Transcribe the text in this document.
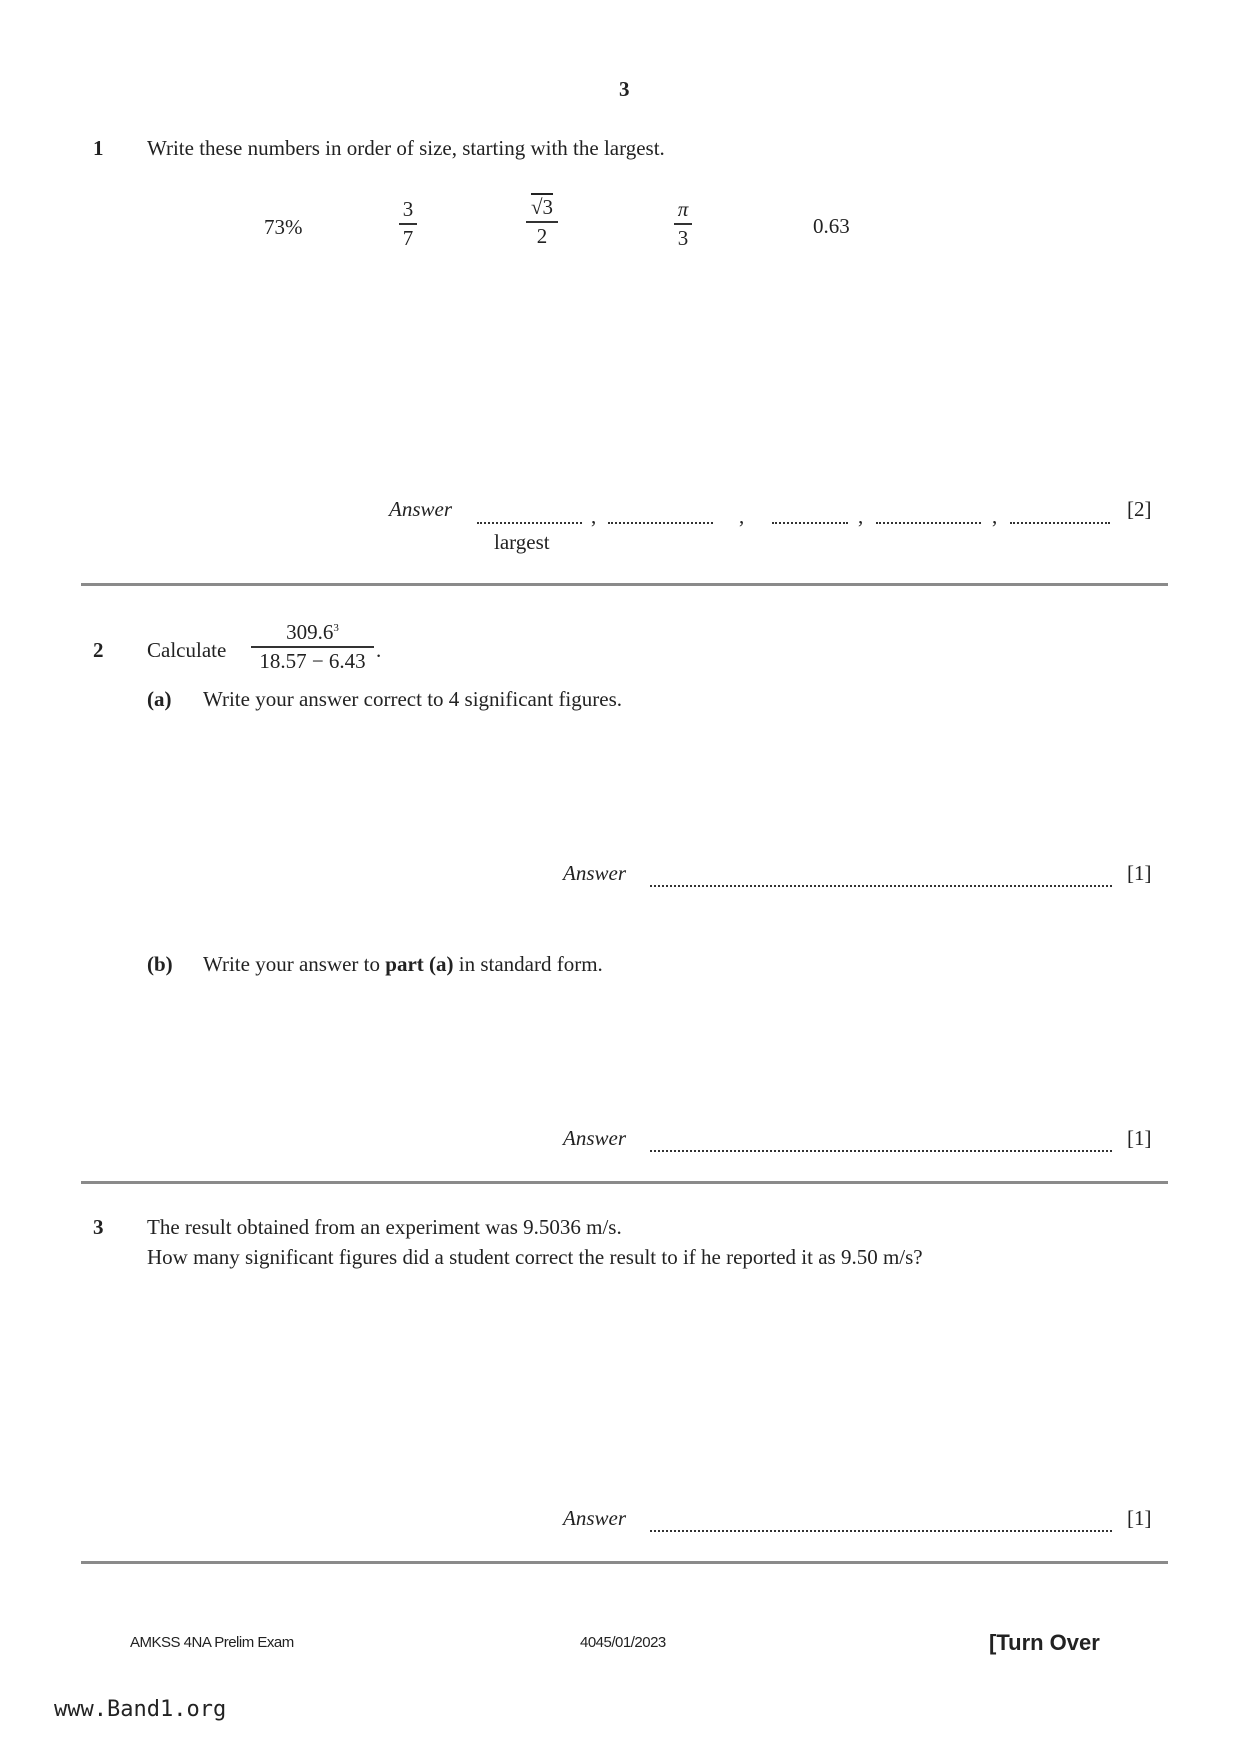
3
1 Write these numbers in order of size, starting with the largest.
73%
3
7
√3
2
π
3	0.63
Answer	,	,	,	,	[2]
largest
2 Calculate
309.6$^3$
18.57 − 6.43 .
(a) Write your answer correct to 4 significant figures.
Answer	[1]
(b) Write your answer to part (a) in standard form.
Answer	[1]
3 The result obtained from an experiment was 9.5036 m/s.
How many significant figures did a student correct the result to if he reported it as 9.50 m/s?
Answer	[1]
AMKSS 4NA Prelim Exam	4045/01/2023	[Turn Over
www.Band1.org
